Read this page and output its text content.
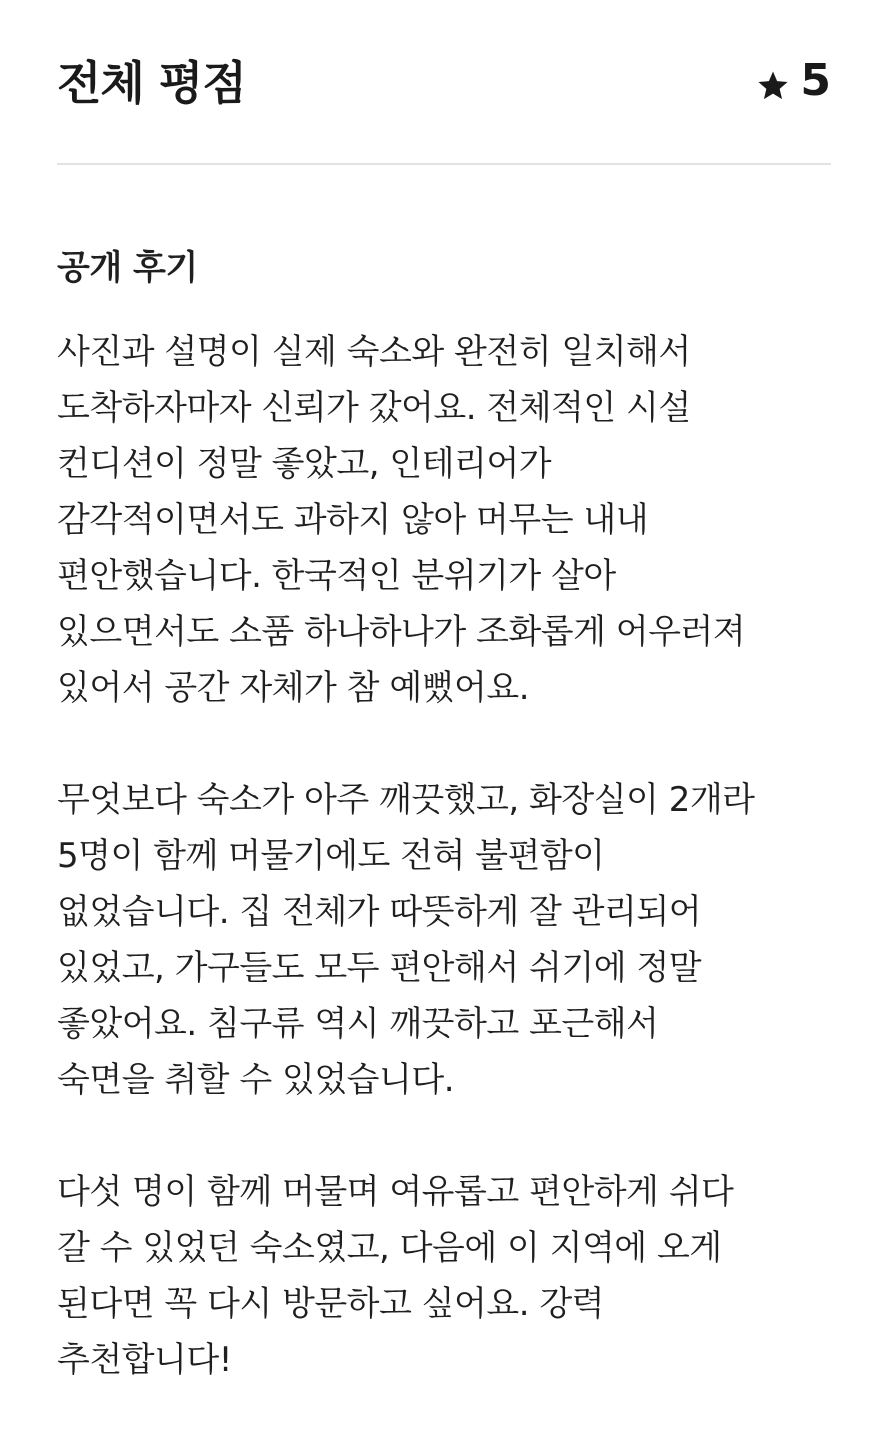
전체 평점	5
공개 후기
사진과 설명이 실제 숙소와 완전히 일치해서
도착하자마자 신뢰가 갔어요. 전체적인 시설
컨디션이 정말 좋았고, 인테리어가
감각적이면서도 과하지 않아 머무는 내내
편안했습니다. 한국적인 분위기가 살아
있으면서도 소품 하나하나가 조화롭게 어우러져
있어서 공간 자체가 참 예뻤어요.
무엇보다 숙소가 아주 깨끗했고, 화장실이 2개라
5명이 함께 머물기에도 전혀 불편함이
없었습니다. 집 전체가 따뜻하게 잘 관리되어
있었고, 가구들도 모두 편안해서 쉬기에 정말
좋았어요. 침구류 역시 깨끗하고 포근해서
숙면을 취할 수 있었습니다.
다섯 명이 함께 머물며 여유롭고 편안하게 쉬다
갈 수 있었던 숙소였고, 다음에 이 지역에 오게
된다면 꼭 다시 방문하고 싶어요. 강력
추천합니다!
